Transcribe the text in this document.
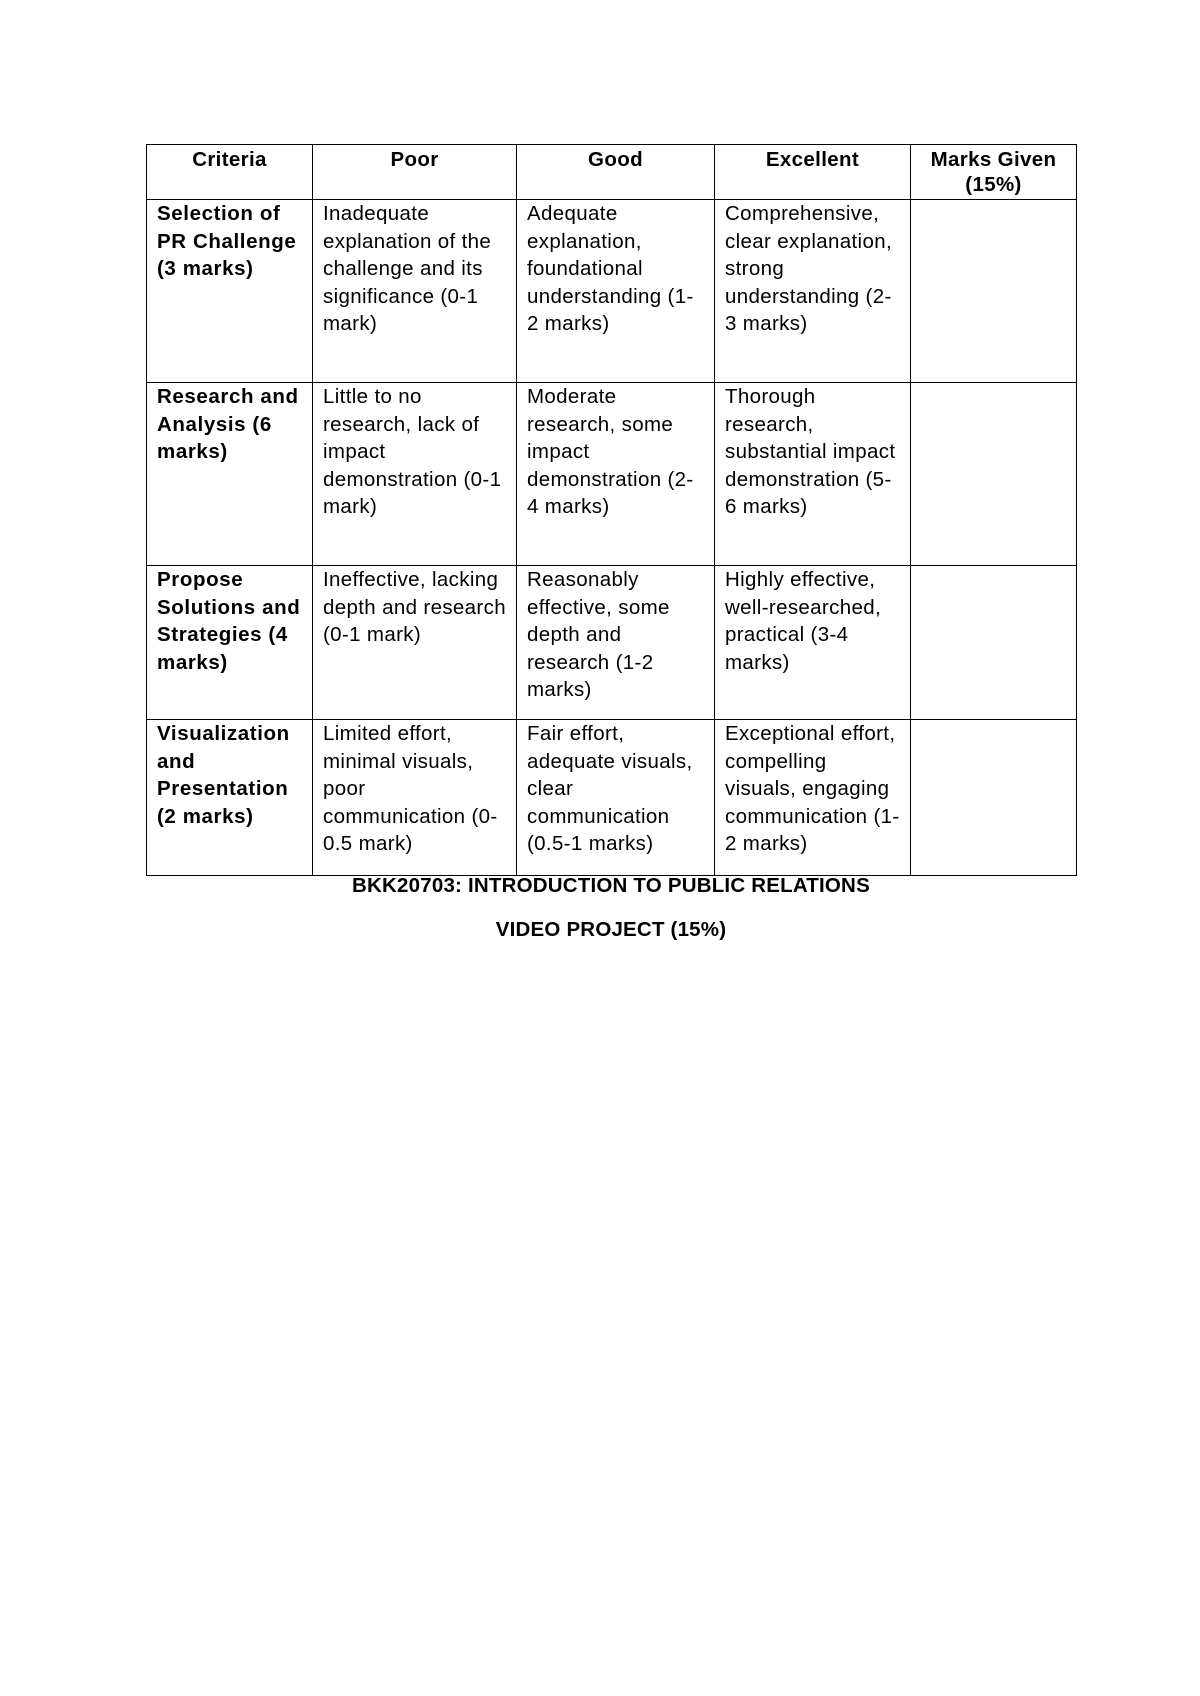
Criteria	Poor	Good	Excellent	Marks Given (15%)
Selection of PR Challenge (3 marks)	Inadequate explanation of the challenge and its significance (0-1 mark)	Adequate explanation, foundational understanding (1-2 marks)	Comprehensive, clear explanation, strong understanding (2-3 marks)	
Research and Analysis (6 marks)	Little to no research, lack of impact demonstration (0-1 mark)	Moderate research, some impact demonstration (2-4 marks)	Thorough research, substantial impact demonstration (5-6 marks)	
Propose Solutions and Strategies (4 marks)	Ineffective, lacking depth and research (0-1 mark)	Reasonably effective, some depth and research (1-2 marks)	Highly effective, well-researched, practical (3-4 marks)	
Visualization and Presentation (2 marks)	Limited effort, minimal visuals, poor communication (0-0.5 mark)	Fair effort, adequate visuals, clear communication (0.5-1 marks)	Exceptional effort, compelling visuals, engaging communication (1-2 marks)	
BKK20703: INTRODUCTION TO PUBLIC RELATIONS
VIDEO PROJECT (15%)
